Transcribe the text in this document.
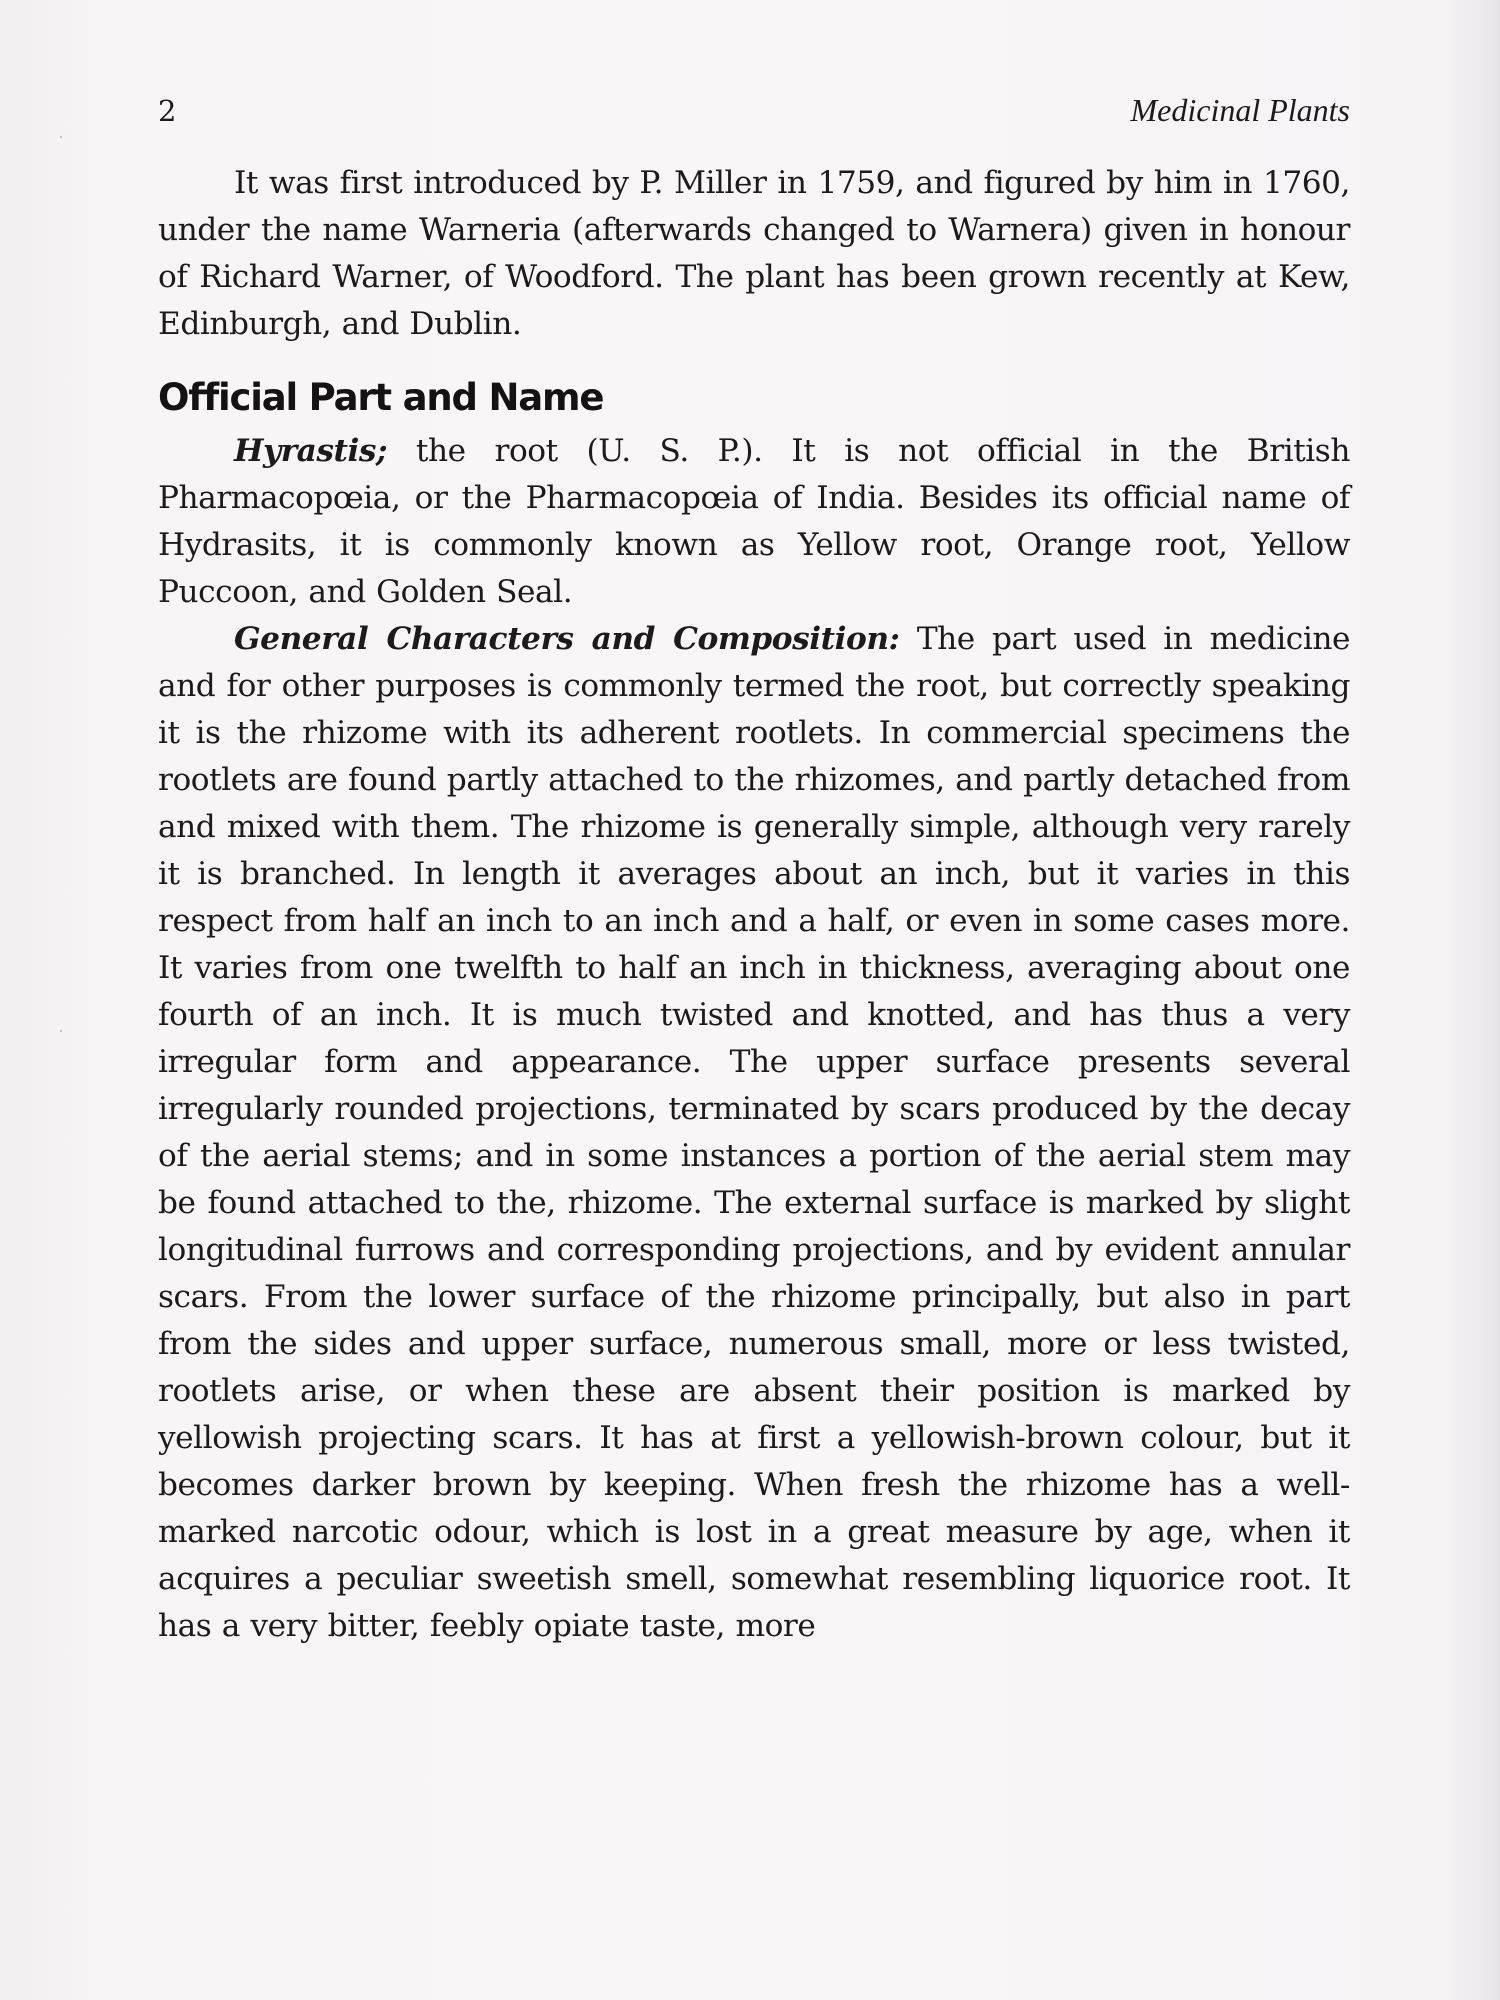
2	Medicinal Plants

It was first introduced by P. Miller in 1759, and figured by him in 1760, under the name Warneria (afterwards changed to Warnera) given in honour of Richard Warner, of Woodford. The plant has been grown recently at Kew, Edinburgh, and Dublin.

Official Part and Name

Hyrastis; the root (U. S. P.). It is not official in the British Pharmacopœia, or the Pharmacopœia of India. Besides its official name of Hydrasits, it is commonly known as Yellow root, Orange root, Yellow Puccoon, and Golden Seal.

General Characters and Composition: The part used in medicine and for other purposes is commonly termed the root, but correctly speaking it is the rhizome with its adherent rootlets. In commercial specimens the rootlets are found partly attached to the rhizomes, and partly detached from and mixed with them. The rhizome is generally simple, although very rarely it is branched. In length it averages about an inch, but it varies in this respect from half an inch to an inch and a half, or even in some cases more. It varies from one twelfth to half an inch in thickness, averaging about one fourth of an inch. It is much twisted and knotted, and has thus a very irregular form and appearance. The upper surface presents several irregularly rounded projections, terminated by scars produced by the decay of the aerial stems; and in some instances a portion of the aerial stem may be found attached to the, rhizome. The external surface is marked by slight longitudinal furrows and corresponding projections, and by evident annular scars. From the lower surface of the rhizome principally, but also in part from the sides and upper surface, numerous small, more or less twisted, rootlets arise, or when these are absent their position is marked by yellowish projecting scars. It has at first a yellowish-brown colour, but it becomes darker brown by keeping. When fresh the rhizome has a well-marked narcotic odour, which is lost in a great measure by age, when it acquires a peculiar sweetish smell, somewhat resembling liquorice root. It has a very bitter, feebly opiate taste, more
